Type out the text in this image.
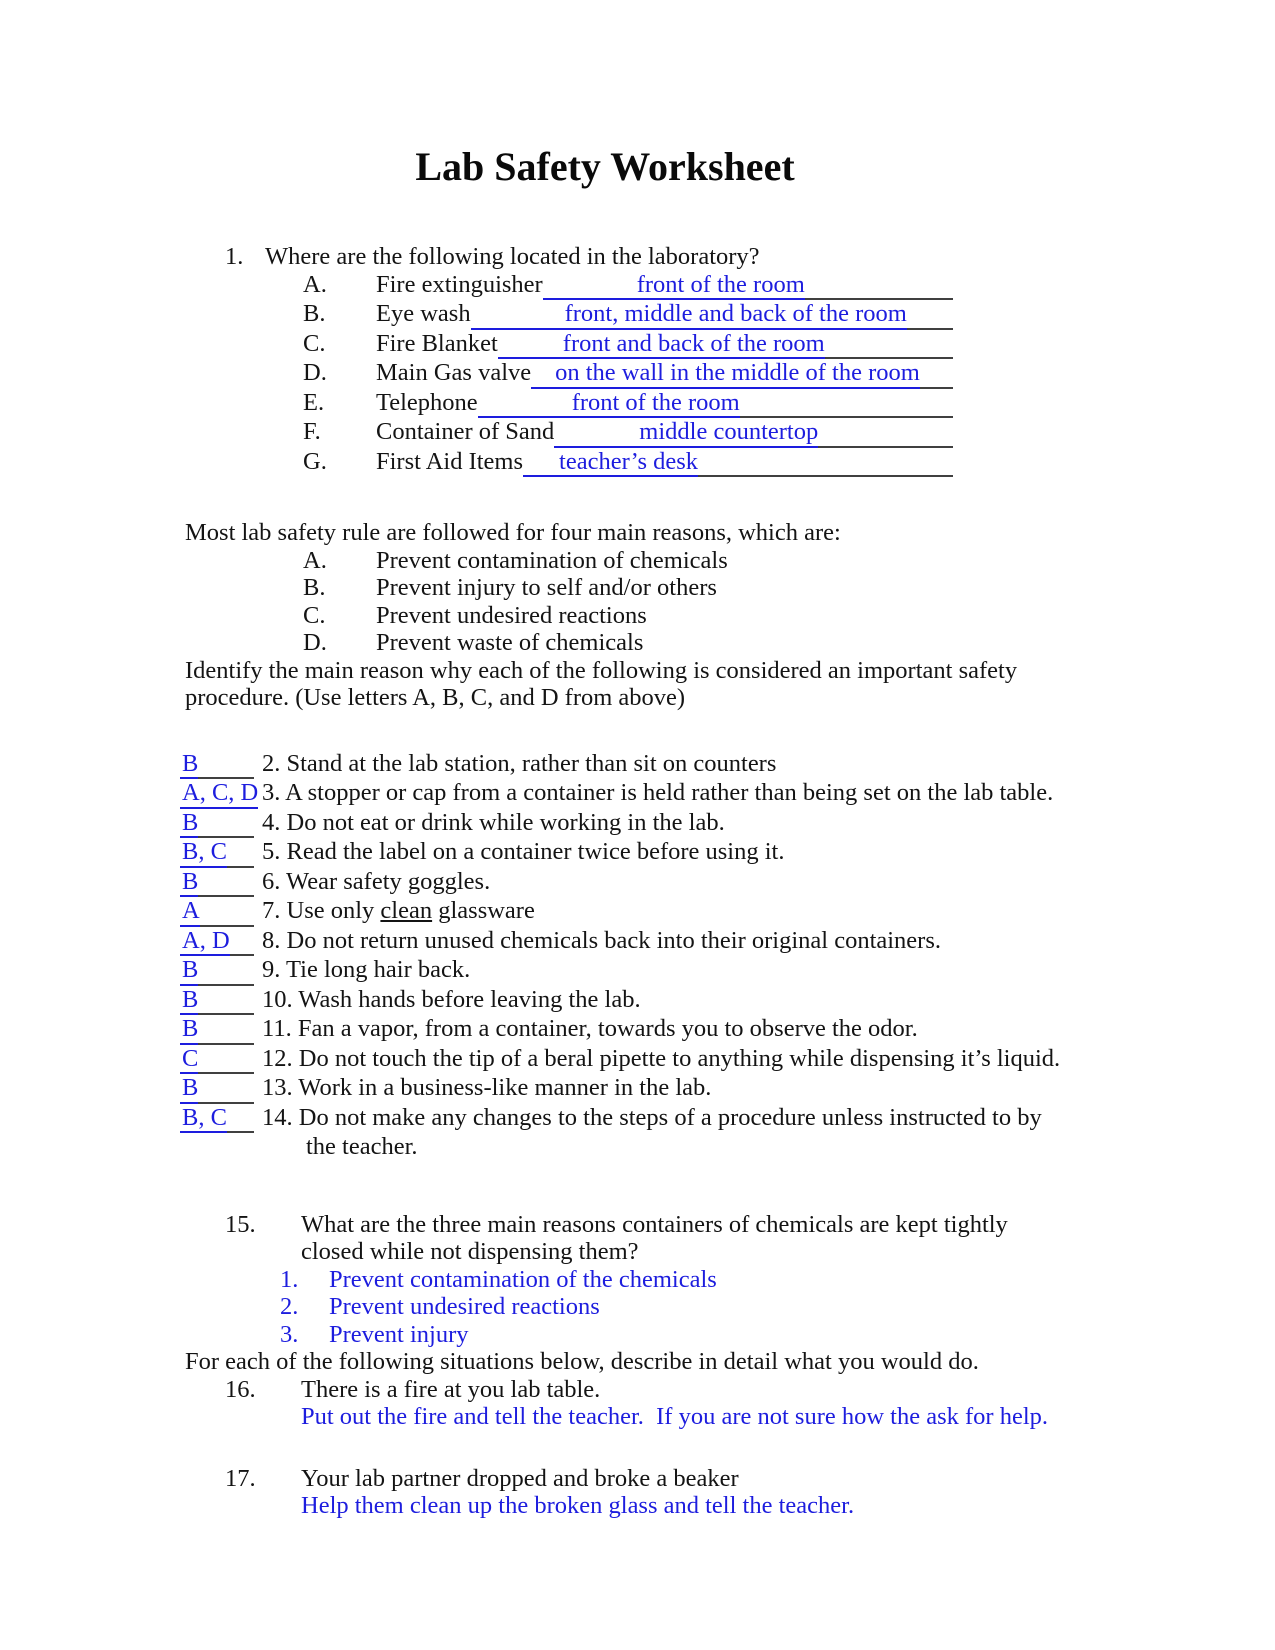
Lab Safety Worksheet
1. Where are the following located in the laboratory?
A.	Fire extinguisher	front of the room
B.	Eye wash	front, middle and back of the room
C.	Fire Blanket	front and back of the room
D.	Main Gas valve on the wall in the middle of the room
E.	Telephone	front of the room
F.	Container of Sand	middle countertop
G.	First Aid Items	teacher’s desk
Most lab safety rule are followed for four main reasons, which are:
A.	Prevent contamination of chemicals
B.	Prevent injury to self and/or others
C.	Prevent undesired reactions
D.	Prevent waste of chemicals
Identify the main reason why each of the following is considered an important safety
procedure. (Use letters A, B, C, and D from above)
B	2. Stand at the lab station, rather than sit on counters
A, C, D 3. A stopper or cap from a container is held rather than being set on the lab table.
B	4. Do not eat or drink while working in the lab.
B, C 5. Read the label on a container twice before using it.
B	6. Wear safety goggles.
A	7. Use only clean glassware
A, D 8. Do not return unused chemicals back into their original containers.
B	9. Tie long hair back.
B	10. Wash hands before leaving the lab.
B	11. Fan a vapor, from a container, towards you to observe the odor.
C	12. Do not touch the tip of a beral pipette to anything while dispensing it’s liquid.
B	13. Work in a business-like manner in the lab.
B, C 14. Do not make any changes to the steps of a procedure unless instructed to by
the teacher.
15.	What are the three main reasons containers of chemicals are kept tightly
closed while not dispensing them?
1.	Prevent contamination of the chemicals
2.	Prevent undesired reactions
3.	Prevent injury
For each of the following situations below, describe in detail what you would do.
16.	There is a fire at you lab table.
Put out the fire and tell the teacher.  If you are not sure how the ask for help.
17.	Your lab partner dropped and broke a beaker
Help them clean up the broken glass and tell the teacher.
